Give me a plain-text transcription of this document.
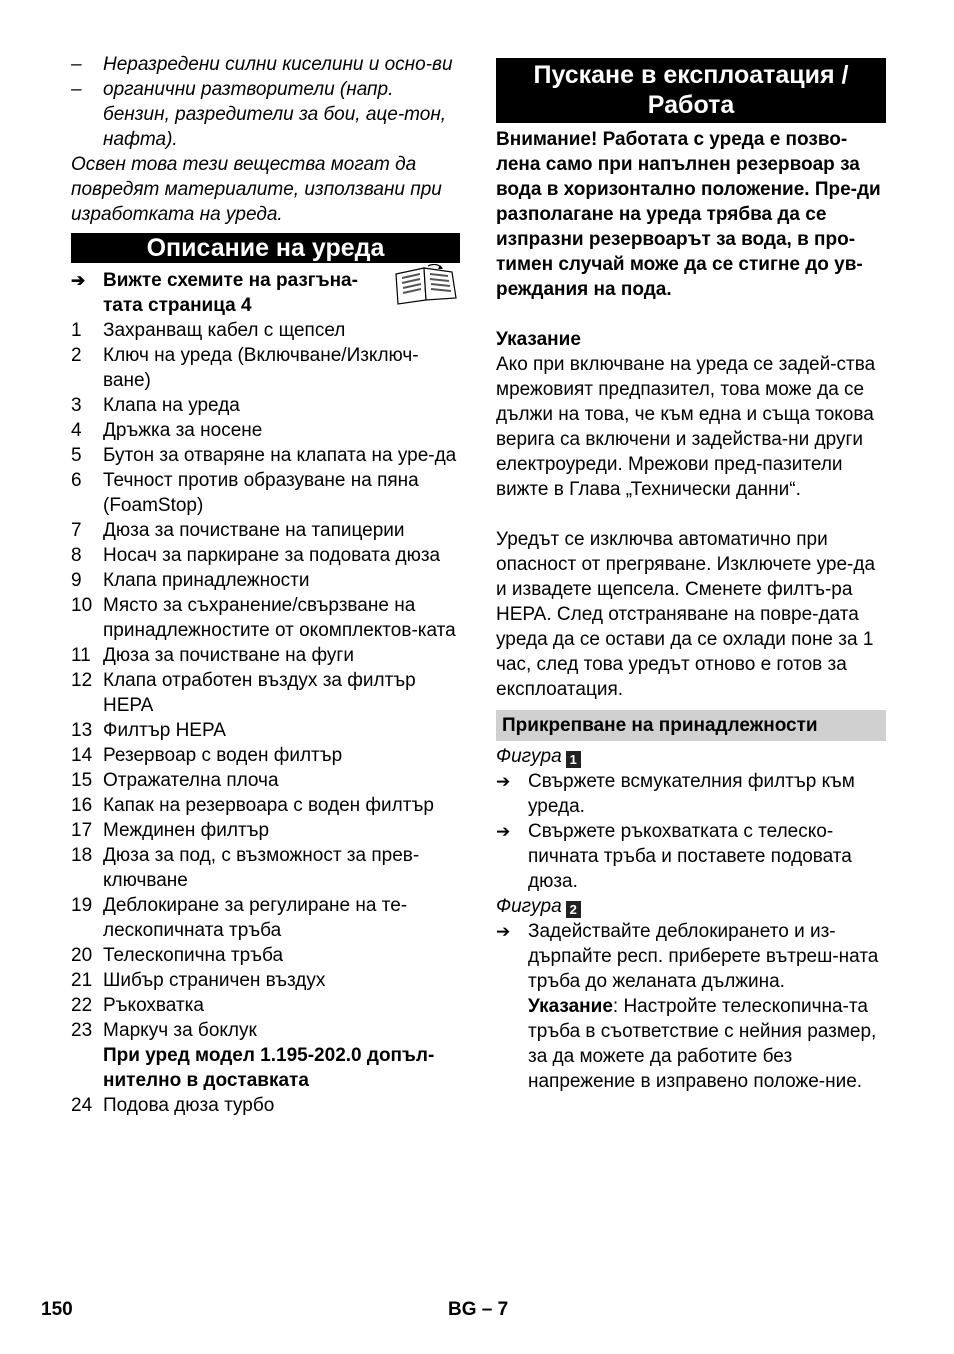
–	Неразредени силни киселини и осно-ви
–	органични разтворители (напр. бензин, разредители за бои, аце-тон, нафта).

Освен това тези вещества могат да повредят материалите, използвани при изработката на уреда.

Описание на уреда
➔ Вижте схемите на разгъна-
тата страница 4
1	Захранващ кабел с щепсел
2	Ключ на уреда (Включване/Изключ-ване)
3	Клапа на уреда
4	Дръжка за носене
5	Бутон за отваряне на клапата на уре-да
6	Течност против образуване на пяна (FoamStop)
7	Дюза за почистване на тапицерии
8	Носач за паркиране за подовата дюза
9	Клапа принадлежности
10 Място за съхранение/свързване на принадлежностите от окомплектов-ката
11 Дюза за почистване на фуги
12 Клапа отработен въздух за филтър HEPA
13 Филтър HEPA
14 Резервоар с воден филтър
15 Отражателна плоча
16 Капак на резервоара с воден филтър
17 Междинен филтър
18 Дюза за под, с възможност за прев-ключване
19 Деблокиране за регулиране на те-лескопичната тръба
20 Телескопична тръба
21 Шибър страничен въздух
22 Ръкохватка
23 Маркуч за боклук
При уред модел 1.195-202.0 допъл-нително в доставката
24 Подова дюза турбо
Пускане в експлоатация / Работа

Внимание! Работата с уреда е позво-лена само при напълнен резервоар за вода в хоризонтално положение. Пре-ди разполагане на уреда трябва да се изпразни резервоарът за вода, в про-тимен случай може да се стигне до ув-реждания на пода.

Указание

Ако при включване на уреда се задей-ства мрежовият предпазител, това може да се дължи на това, че към една и съща токова верига са включени и задейства-ни други електроуреди. Мрежови пред-пазители вижте в Глава „Технически данни“.

Уредът се изключва автоматично при опасност от прегряване. Изключете уре-да и извадете щепсела. Сменете филтъ-ра HEPA. След отстраняване на повре-дата уреда да се остави да се охлади поне за 1 час, след това уредът отново е готов за експлоатация.

Прикрепване на принадлежности

Фигура 1

➔ Свържете всмукателния филтър към уреда.
➔ Свържете ръкохватката с телеско-пичната тръба и поставете подовата дюза.

Фигура 2

➔ Задействайте деблокирането и из-дърпайте респ. приберете вътреш-ната тръба до желаната дължина.
Указание: Настройте телескопична-та тръба в съответствие с нейния размер, за да можете да работите без напрежение в изправено положе-ние.
150	BG – 7
